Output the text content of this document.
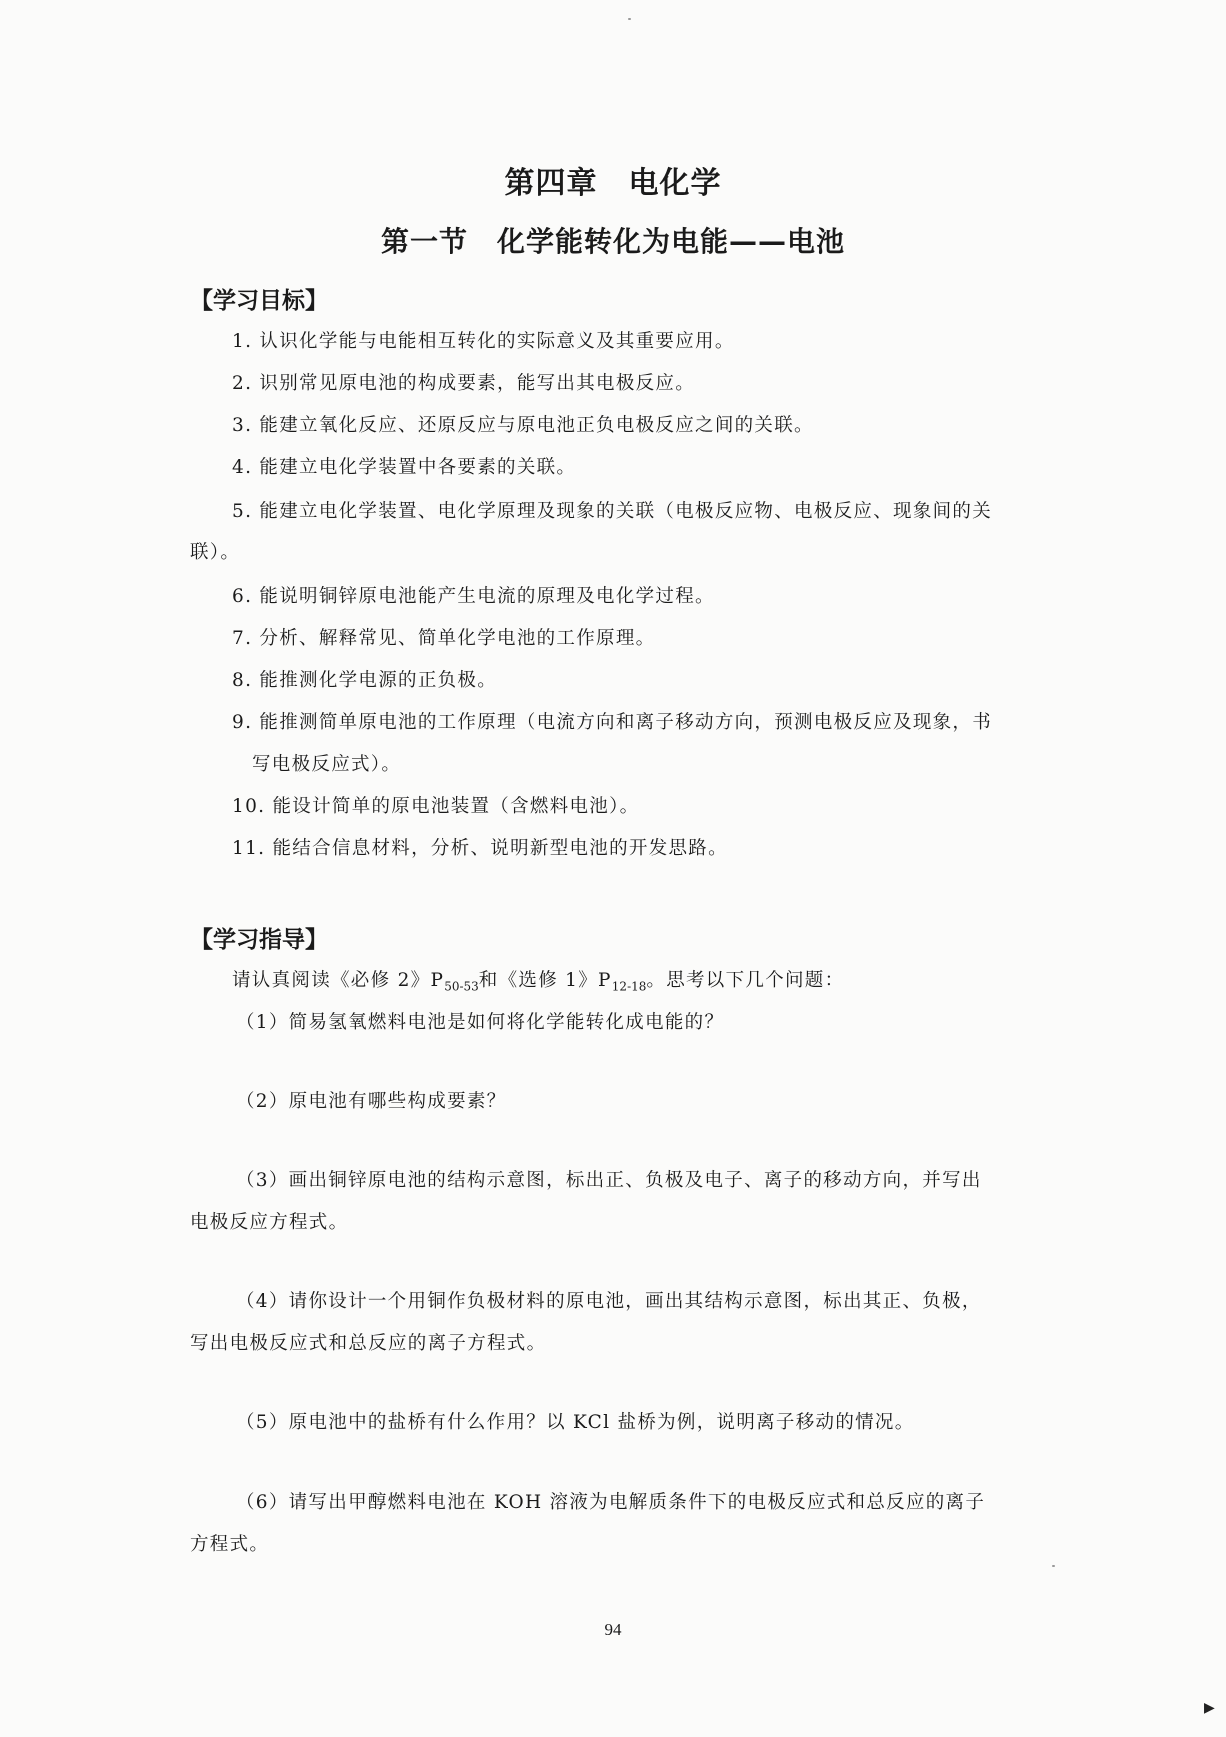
第四章　电化学
第一节　化学能转化为电能——电池
【学习目标】
1. 认识化学能与电能相互转化的实际意义及其重要应用。
2. 识别常见原电池的构成要素，能写出其电极反应。
3. 能建立氧化反应、还原反应与原电池正负电极反应之间的关联。
4. 能建立电化学装置中各要素的关联。
5. 能建立电化学装置、电化学原理及现象的关联（电极反应物、电极反应、现象间的关
联）。
6. 能说明铜锌原电池能产生电流的原理及电化学过程。
7. 分析、解释常见、简单化学电池的工作原理。
8. 能推测化学电源的正负极。
9. 能推测简单原电池的工作原理（电流方向和离子移动方向，预测电极反应及现象，书
写电极反应式）。
10. 能设计简单的原电池装置（含燃料电池）。
11. 能结合信息材料，分析、说明新型电池的开发思路。
【学习指导】
请认真阅读《必修 2》$P_{50-53}$和《选修 1》$P_{12-18}$。思考以下几个问题：
（1）简易氢氧燃料电池是如何将化学能转化成电能的？
（2）原电池有哪些构成要素？
（3）画出铜锌原电池的结构示意图，标出正、负极及电子、离子的移动方向，并写出
电极反应方程式。
（4）请你设计一个用铜作负极材料的原电池，画出其结构示意图，标出其正、负极，
写出电极反应式和总反应的离子方程式。
（5）原电池中的盐桥有什么作用？以 KCl 盐桥为例，说明离子移动的情况。
（6）请写出甲醇燃料电池在 KOH 溶液为电解质条件下的电极反应式和总反应的离子
方程式。
94
▶
